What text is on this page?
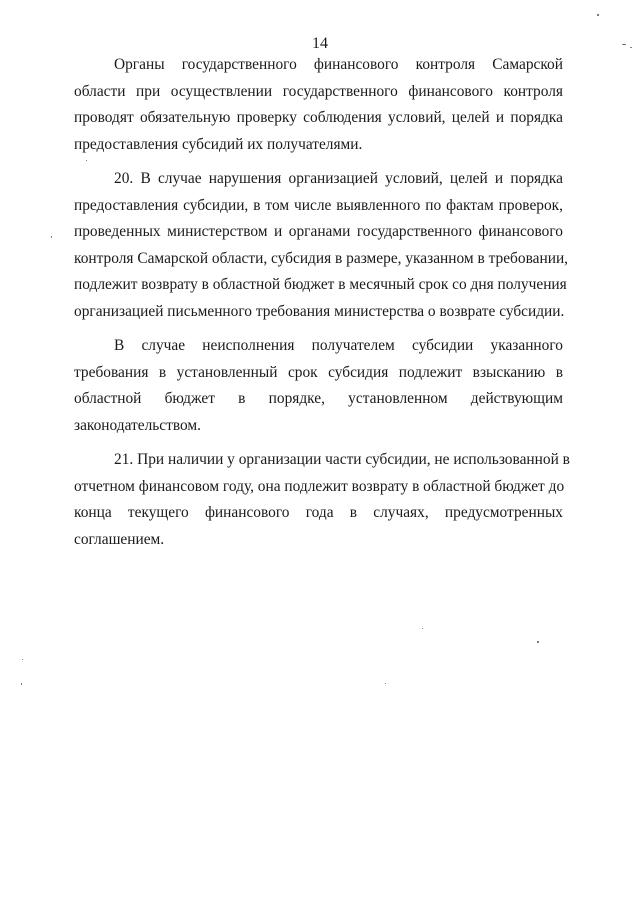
14

Органы государственного финансового контроля Самарской
области при осуществлении государственного финансового контроля
проводят обязательную проверку соблюдения условий, целей и порядка
предоставления субсидий их получателями.

20. В случае нарушения организацией условий, целей и порядка
предоставления субсидии, в том числе выявленного по фактам проверок,
проведенных министерством и органами государственного финансового
контроля Самарской области, субсидия в размере, указанном в требовании,
подлежит возврату в областной бюджет в месячный срок со дня получения
организацией письменного требования министерства о возврате субсидии.

В случае неисполнения получателем субсидии указанного
требования в установленный срок субсидия подлежит взысканию в
областной бюджет в порядке, установленном действующим
законодательством.

21. При наличии у организации части субсидии, не использованной в
отчетном финансовом году, она подлежит возврату в областной бюджет до
конца текущего финансового года в случаях, предусмотренных
соглашением.
